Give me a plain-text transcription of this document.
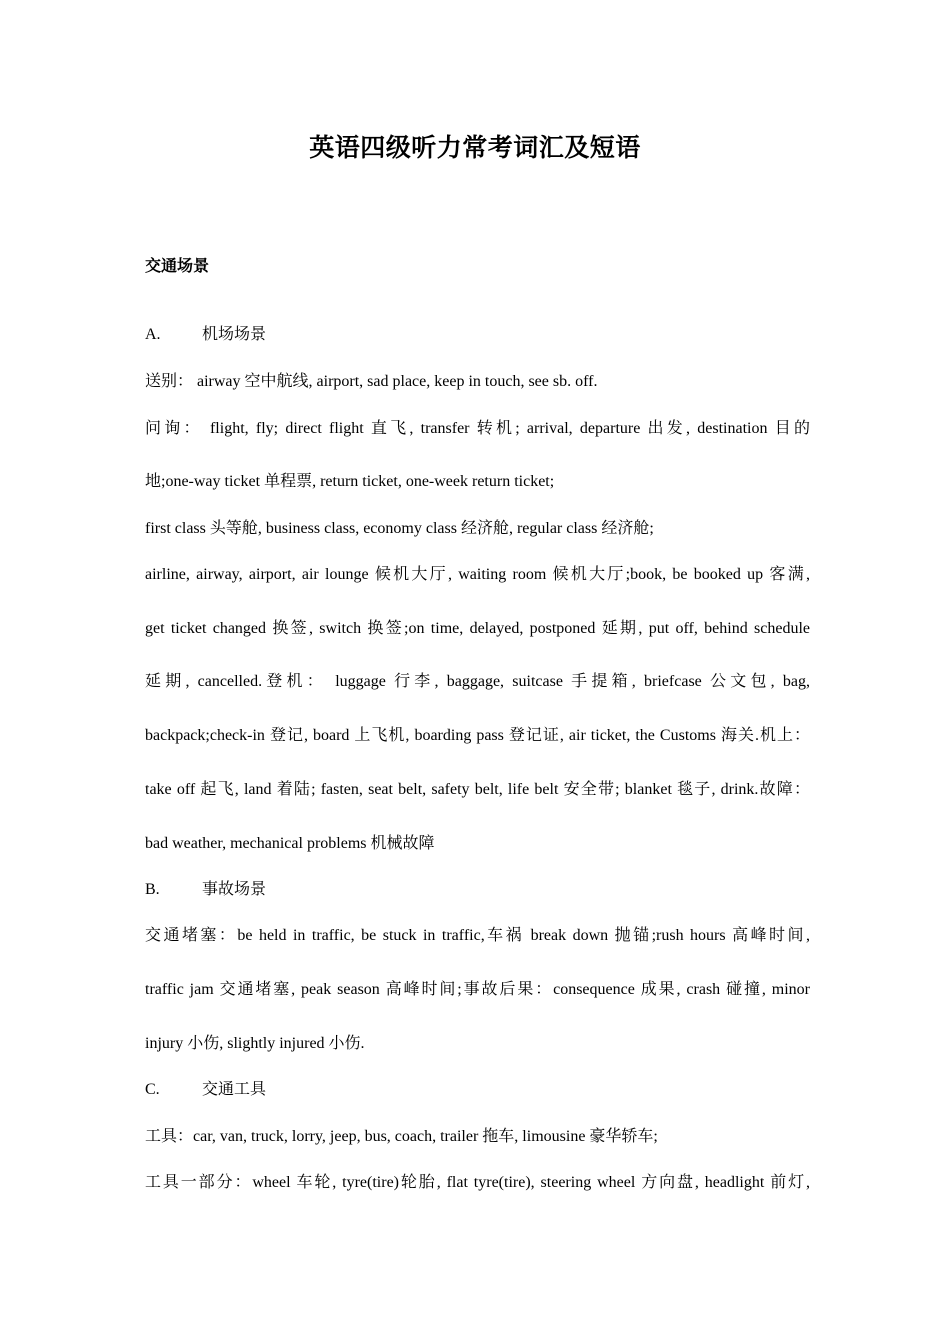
英语四级听力常考词汇及短语
交通场景
A.	机场场景
送别： airway 空中航线, airport, sad place, keep in touch, see sb. off.
问询： flight, fly; direct flight 直飞, transfer 转机; arrival, departure 出发, destination 目的
地;one-way ticket 单程票, return ticket, one-week return ticket;
first class 头等舱, business class, economy class 经济舱, regular class 经济舱;
airline, airway, airport, air lounge 候机大厅, waiting room 候机大厅;book, be booked up 客满,
get ticket changed 换签, switch 换签;on time, delayed, postponed 延期, put off, behind schedule
延期, cancelled.登机： luggage 行李, baggage, suitcase 手提箱, briefcase 公文包, bag,
backpack;check-in 登记, board 上飞机, boarding pass 登记证, air ticket, the Customs 海关.机上：
take off 起飞, land 着陆; fasten, seat belt, safety belt, life belt 安全带; blanket 毯子, drink.故障：
bad weather, mechanical problems 机械故障
B.	事故场景
交通堵塞：be held in traffic, be stuck in traffic,车祸 break down 抛锚;rush hours 高峰时间,
traffic jam 交通堵塞, peak season 高峰时间;事故后果：consequence 成果, crash 碰撞, minor
injury 小伤, slightly injured 小伤.
C.	交通工具
工具：car, van, truck, lorry, jeep, bus, coach, trailer 拖车, limousine 豪华轿车;
工具一部分：wheel 车轮, tyre(tire)轮胎, flat tyre(tire), steering wheel 方向盘, headlight 前灯,
